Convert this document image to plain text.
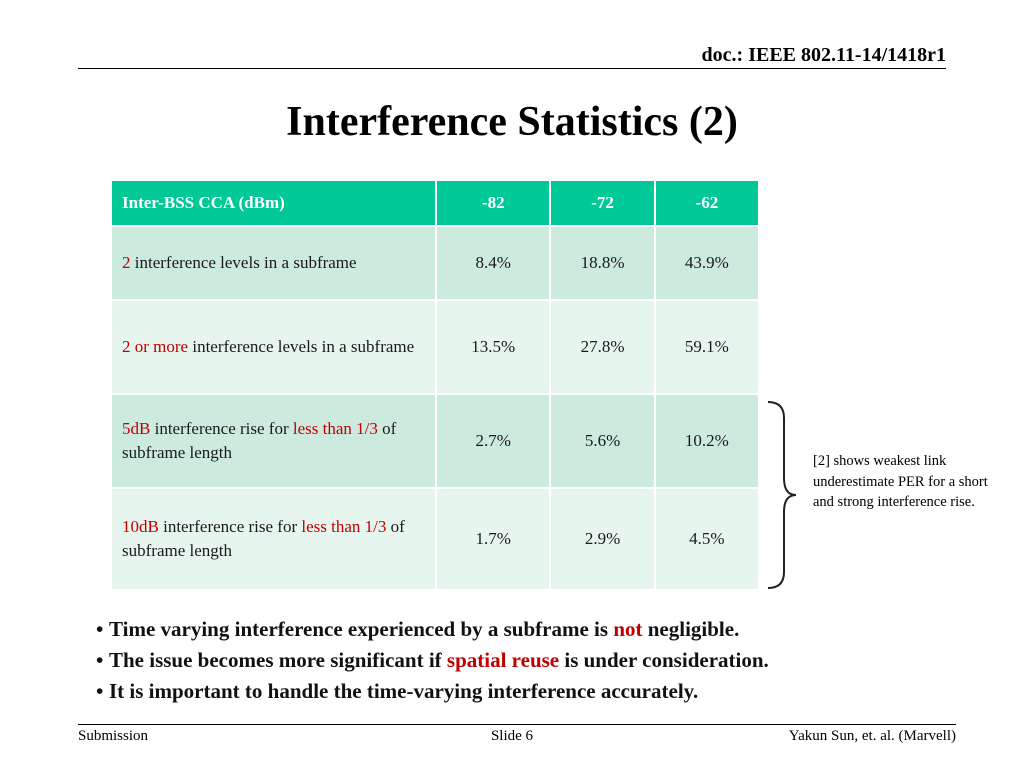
doc.: IEEE 802.11-14/1418r1
Interference Statistics (2)
Inter-BSS CCA (dBm)	-82	-72	-62
2 interference levels in a subframe	8.4%	18.8%	43.9%
2 or more interference levels in a subframe	13.5%	27.8%	59.1%
5dB interference rise for less than 1/3 of subframe length	2.7%	5.6%	10.2%
10dB interference rise for less than 1/3 of subframe length	1.7%	2.9%	4.5%
[2] shows weakest link underestimate PER for a short and strong interference rise.
• Time varying interference experienced by a subframe is not negligible.
• The issue becomes more significant if spatial reuse is under consideration.
• It is important to handle the time-varying interference accurately.
Submission	Slide 6	Yakun Sun, et. al. (Marvell)
